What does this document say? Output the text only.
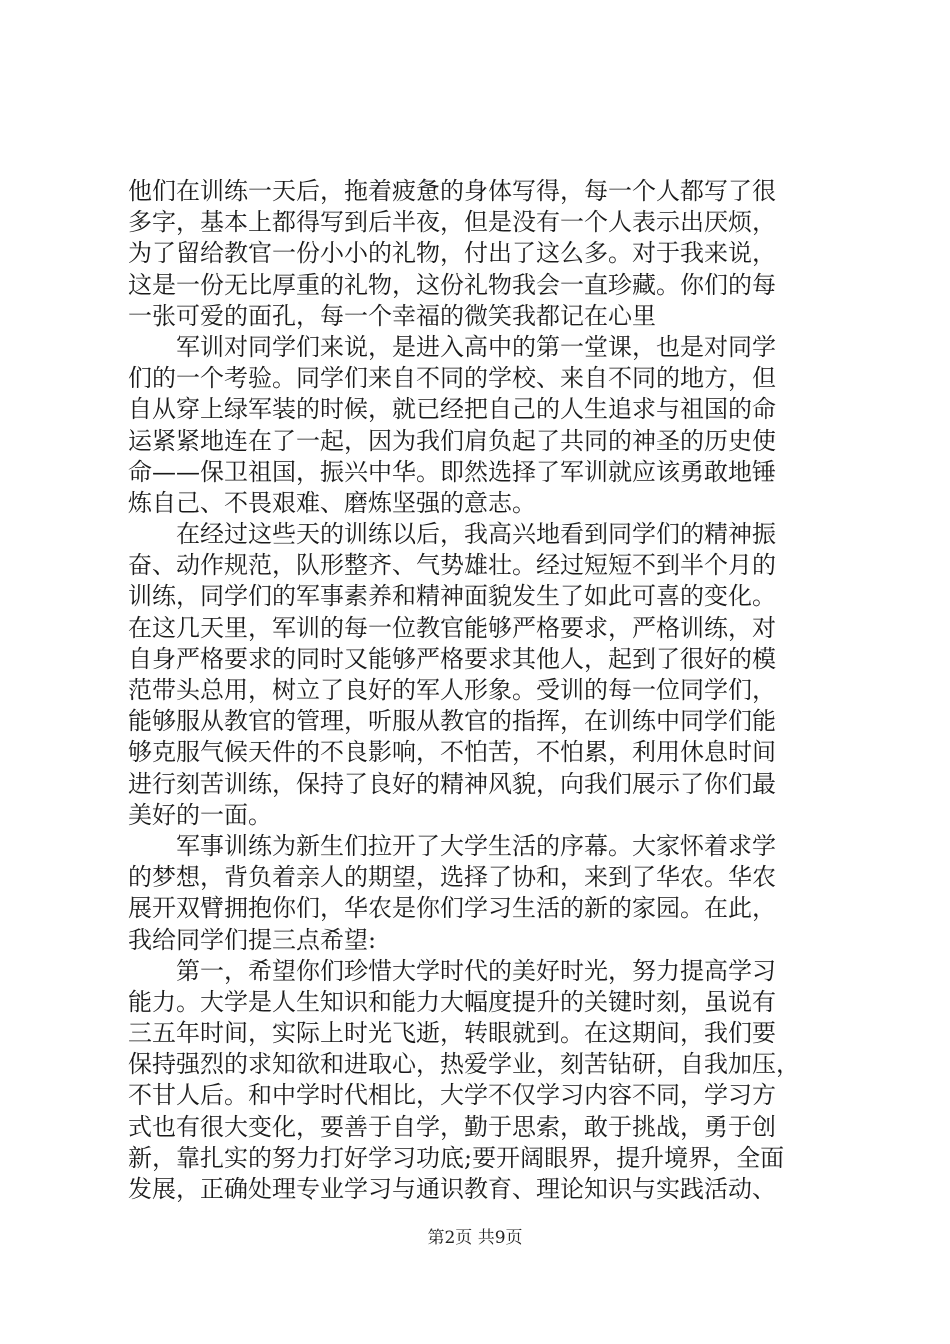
他们在训练一天后，拖着疲惫的身体写得，每一个人都写了很
多字，基本上都得写到后半夜，但是没有一个人表示出厌烦，
为了留给教官一份小小的礼物，付出了这么多。对于我来说，
这是一份无比厚重的礼物，这份礼物我会一直珍藏。你们的每
一张可爱的面孔，每一个幸福的微笑我都记在心里
　　军训对同学们来说，是进入高中的第一堂课，也是对同学
们的一个考验。同学们来自不同的学校、来自不同的地方，但
自从穿上绿军装的时候，就已经把自己的人生追求与祖国的命
运紧紧地连在了一起，因为我们肩负起了共同的神圣的历史使
命——保卫祖国，振兴中华。即然选择了军训就应该勇敢地锤
炼自己、不畏艰难、磨炼坚强的意志。
　　在经过这些天的训练以后，我高兴地看到同学们的精神振
奋、动作规范，队形整齐、气势雄壮。经过短短不到半个月的
训练，同学们的军事素养和精神面貌发生了如此可喜的变化。
在这几天里，军训的每一位教官能够严格要求，严格训练，对
自身严格要求的同时又能够严格要求其他人，起到了很好的模
范带头总用，树立了良好的军人形象。受训的每一位同学们，
能够服从教官的管理，听服从教官的指挥，在训练中同学们能
够克服气候天件的不良影响，不怕苦，不怕累，利用休息时间
进行刻苦训练，保持了良好的精神风貌，向我们展示了你们最
美好的一面。
　　军事训练为新生们拉开了大学生活的序幕。大家怀着求学
的梦想，背负着亲人的期望，选择了协和，来到了华农。华农
展开双臂拥抱你们，华农是你们学习生活的新的家园。在此，
我给同学们提三点希望:
　　第一，希望你们珍惜大学时代的美好时光，努力提高学习
能力。大学是人生知识和能力大幅度提升的关键时刻，虽说有
三五年时间，实际上时光飞逝，转眼就到。在这期间，我们要
保持强烈的求知欲和进取心，热爱学业，刻苦钻研，自我加压，
不甘人后。和中学时代相比，大学不仅学习内容不同，学习方
式也有很大变化，要善于自学，勤于思索，敢于挑战，勇于创
新，靠扎实的努力打好学习功底;要开阔眼界，提升境界，全面
发展，正确处理专业学习与通识教育、理论知识与实践活动、
第2页 共9页
